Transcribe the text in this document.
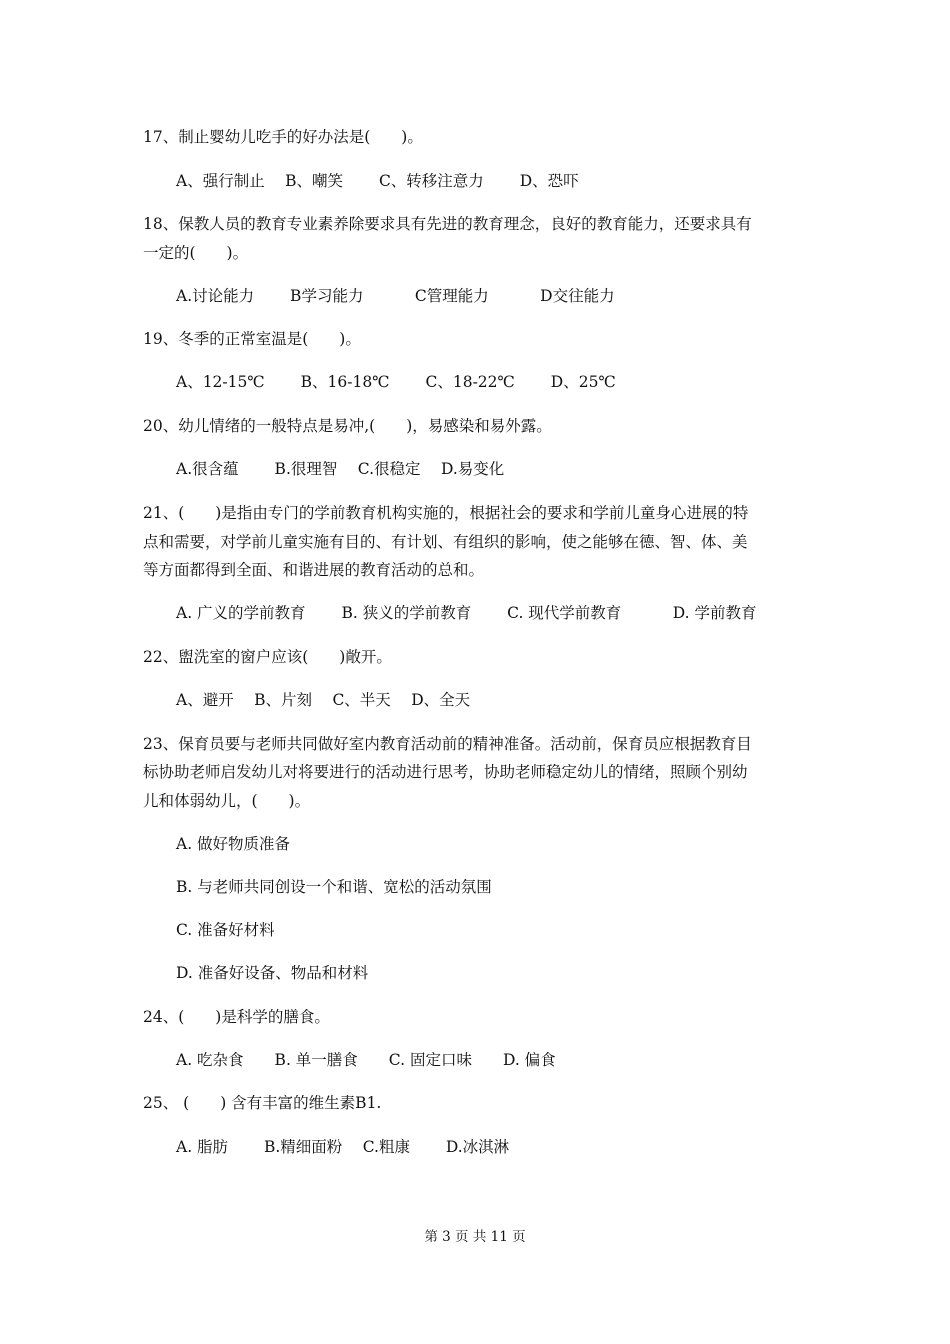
17、制止婴幼儿吃手的好办法是(　　)。
A、强行制止　 B、嘲笑　　 C、转移注意力　　 D、恐吓
18、保教人员的教育专业素养除要求具有先进的教育理念，良好的教育能力，还要求具有
一定的(　　)。
A.讨论能力　　 B学习能力　　　 C管理能力　　　 D交往能力
19、冬季的正常室温是(　　)。
A、12-15℃　　 B、16-18℃　　 C、18-22℃　　 D、25℃
20、幼儿情绪的一般特点是易冲,(　　)，易感染和易外露。
A.很含蕴　　 B.很理智　 C.很稳定　 D.易变化
21、(　　)是指由专门的学前教育机构实施的，根据社会的要求和学前儿童身心进展的特
点和需要，对学前儿童实施有目的、有计划、有组织的影响，使之能够在德、智、体、美
等方面都得到全面、和谐进展的教育活动的总和。
A. 广义的学前教育　　 B. 狭义的学前教育　　 C. 现代学前教育　　　 D. 学前教育
22、盥洗室的窗户应该(　　)敞开。
A、避开　 B、片刻　 C、半天　 D、全天
23、保育员要与老师共同做好室内教育活动前的精神准备。活动前，保育员应根据教育目
标协助老师启发幼儿对将要进行的活动进行思考，协助老师稳定幼儿的情绪，照顾个别幼
儿和体弱幼儿，(　　)。
A. 做好物质准备
B. 与老师共同创设一个和谐、宽松的活动氛围
C. 准备好材料
D. 准备好设备、物品和材料
24、(　　)是科学的膳食。
A. 吃杂食　　B. 单一膳食　　C. 固定口味　　D. 偏食
25、 (　　) 含有丰富的维生素B1.
A. 脂肪　　 B.精细面粉　 C.粗康　　 D.冰淇淋
第 3 页 共 11 页
